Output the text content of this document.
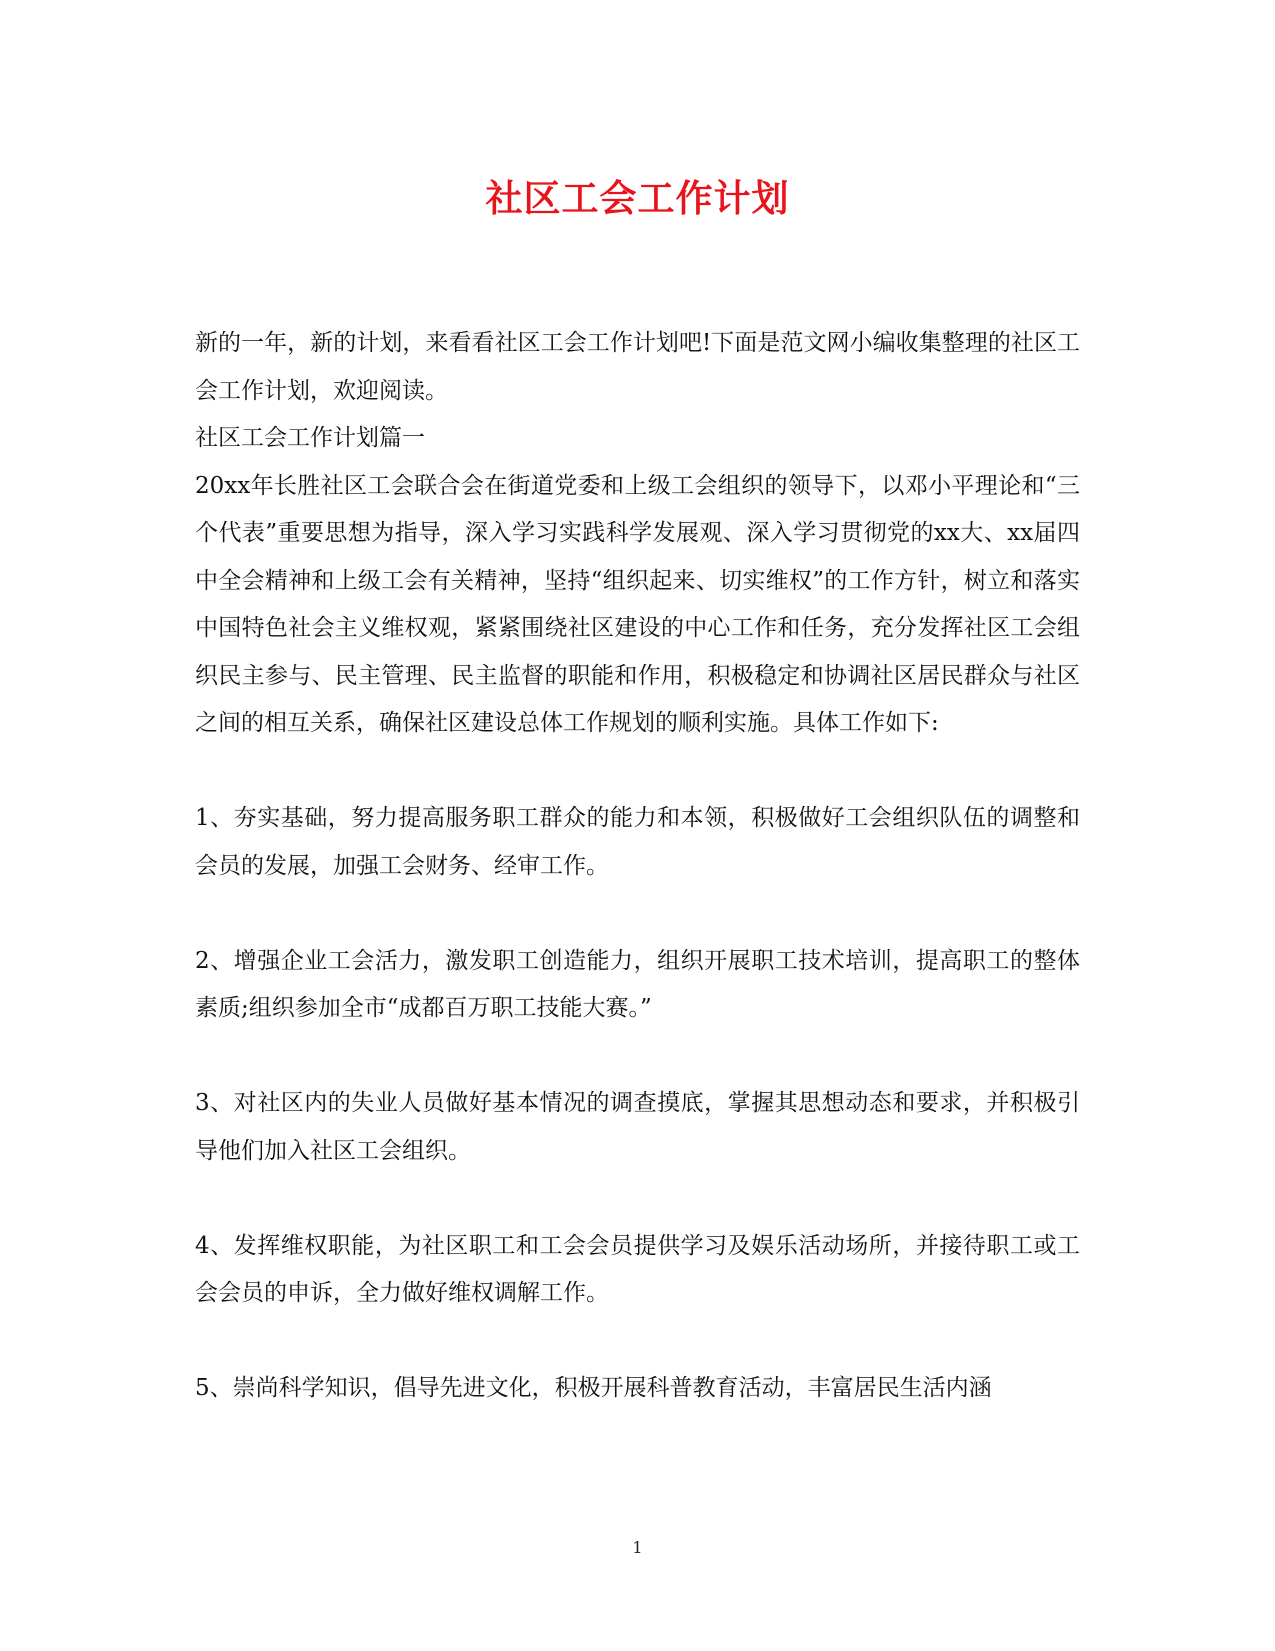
社区工会工作计划

新的一年，新的计划，来看看社区工会工作计划吧!下面是范文网小编收集整理的社区工会工作计划，欢迎阅读。

社区工会工作计划篇一

20xx年长胜社区工会联合会在街道党委和上级工会组织的领导下，以邓小平理论和“三个代表”重要思想为指导，深入学习实践科学发展观、深入学习贯彻党的xx大、xx届四中全会精神和上级工会有关精神，坚持“组织起来、切实维权”的工作方针，树立和落实中国特色社会主义维权观，紧紧围绕社区建设的中心工作和任务，充分发挥社区工会组织民主参与、民主管理、民主监督的职能和作用，积极稳定和协调社区居民群众与社区之间的相互关系，确保社区建设总体工作规划的顺利实施。具体工作如下:

1、夯实基础，努力提高服务职工群众的能力和本领，积极做好工会组织队伍的调整和会员的发展，加强工会财务、经审工作。

2、增强企业工会活力，激发职工创造能力，组织开展职工技术培训，提高职工的整体素质;组织参加全市“成都百万职工技能大赛。”

3、对社区内的失业人员做好基本情况的调查摸底，掌握其思想动态和要求，并积极引导他们加入社区工会组织。

4、发挥维权职能，为社区职工和工会会员提供学习及娱乐活动场所，并接待职工或工会会员的申诉，全力做好维权调解工作。

5、崇尚科学知识，倡导先进文化，积极开展科普教育活动，丰富居民生活内涵

1
